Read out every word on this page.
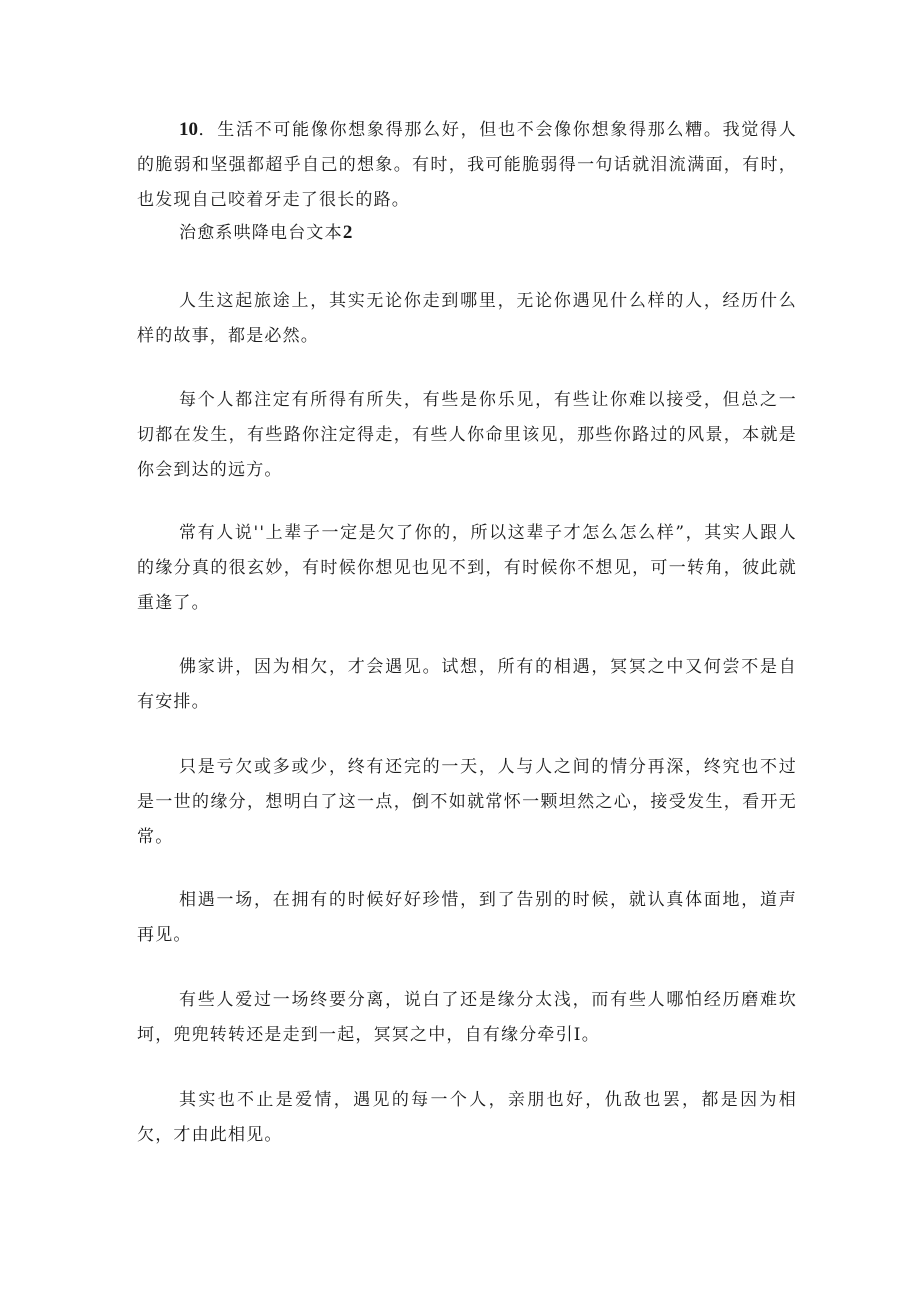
10．生活不可能像你想象得那么好，但也不会像你想象得那么糟。我觉得人的脆弱和坚强都超乎自己的想象。有时，我可能脆弱得一句话就泪流满面，有时，也发现自己咬着牙走了很长的路。

治愈系哄降电台文本2

人生这起旅途上，其实无论你走到哪里，无论你遇见什么样的人，经历什么样的故事，都是必然。

每个人都注定有所得有所失，有些是你乐见，有些让你难以接受，但总之一切都在发生，有些路你注定得走，有些人你命里该见，那些你路过的风景，本就是你会到达的远方。

常有人说''上辈子一定是欠了你的，所以这辈子才怎么怎么样”，其实人跟人的缘分真的很玄妙，有时候你想见也见不到，有时候你不想见，可一转角，彼此就重逢了。

佛家讲，因为相欠，才会遇见。试想，所有的相遇，冥冥之中又何尝不是自有安排。

只是亏欠或多或少，终有还完的一天，人与人之间的情分再深，终究也不过是一世的缘分，想明白了这一点，倒不如就常怀一颗坦然之心，接受发生，看开无常。

相遇一场，在拥有的时候好好珍惜，到了告别的时候，就认真体面地，道声再见。

有些人爱过一场终要分离，说白了还是缘分太浅，而有些人哪怕经历磨难坎坷，兜兜转转还是走到一起，冥冥之中，自有缘分牵引I。

其实也不止是爱情，遇见的每一个人，亲朋也好，仇敌也罢，都是因为相欠，才由此相见。
